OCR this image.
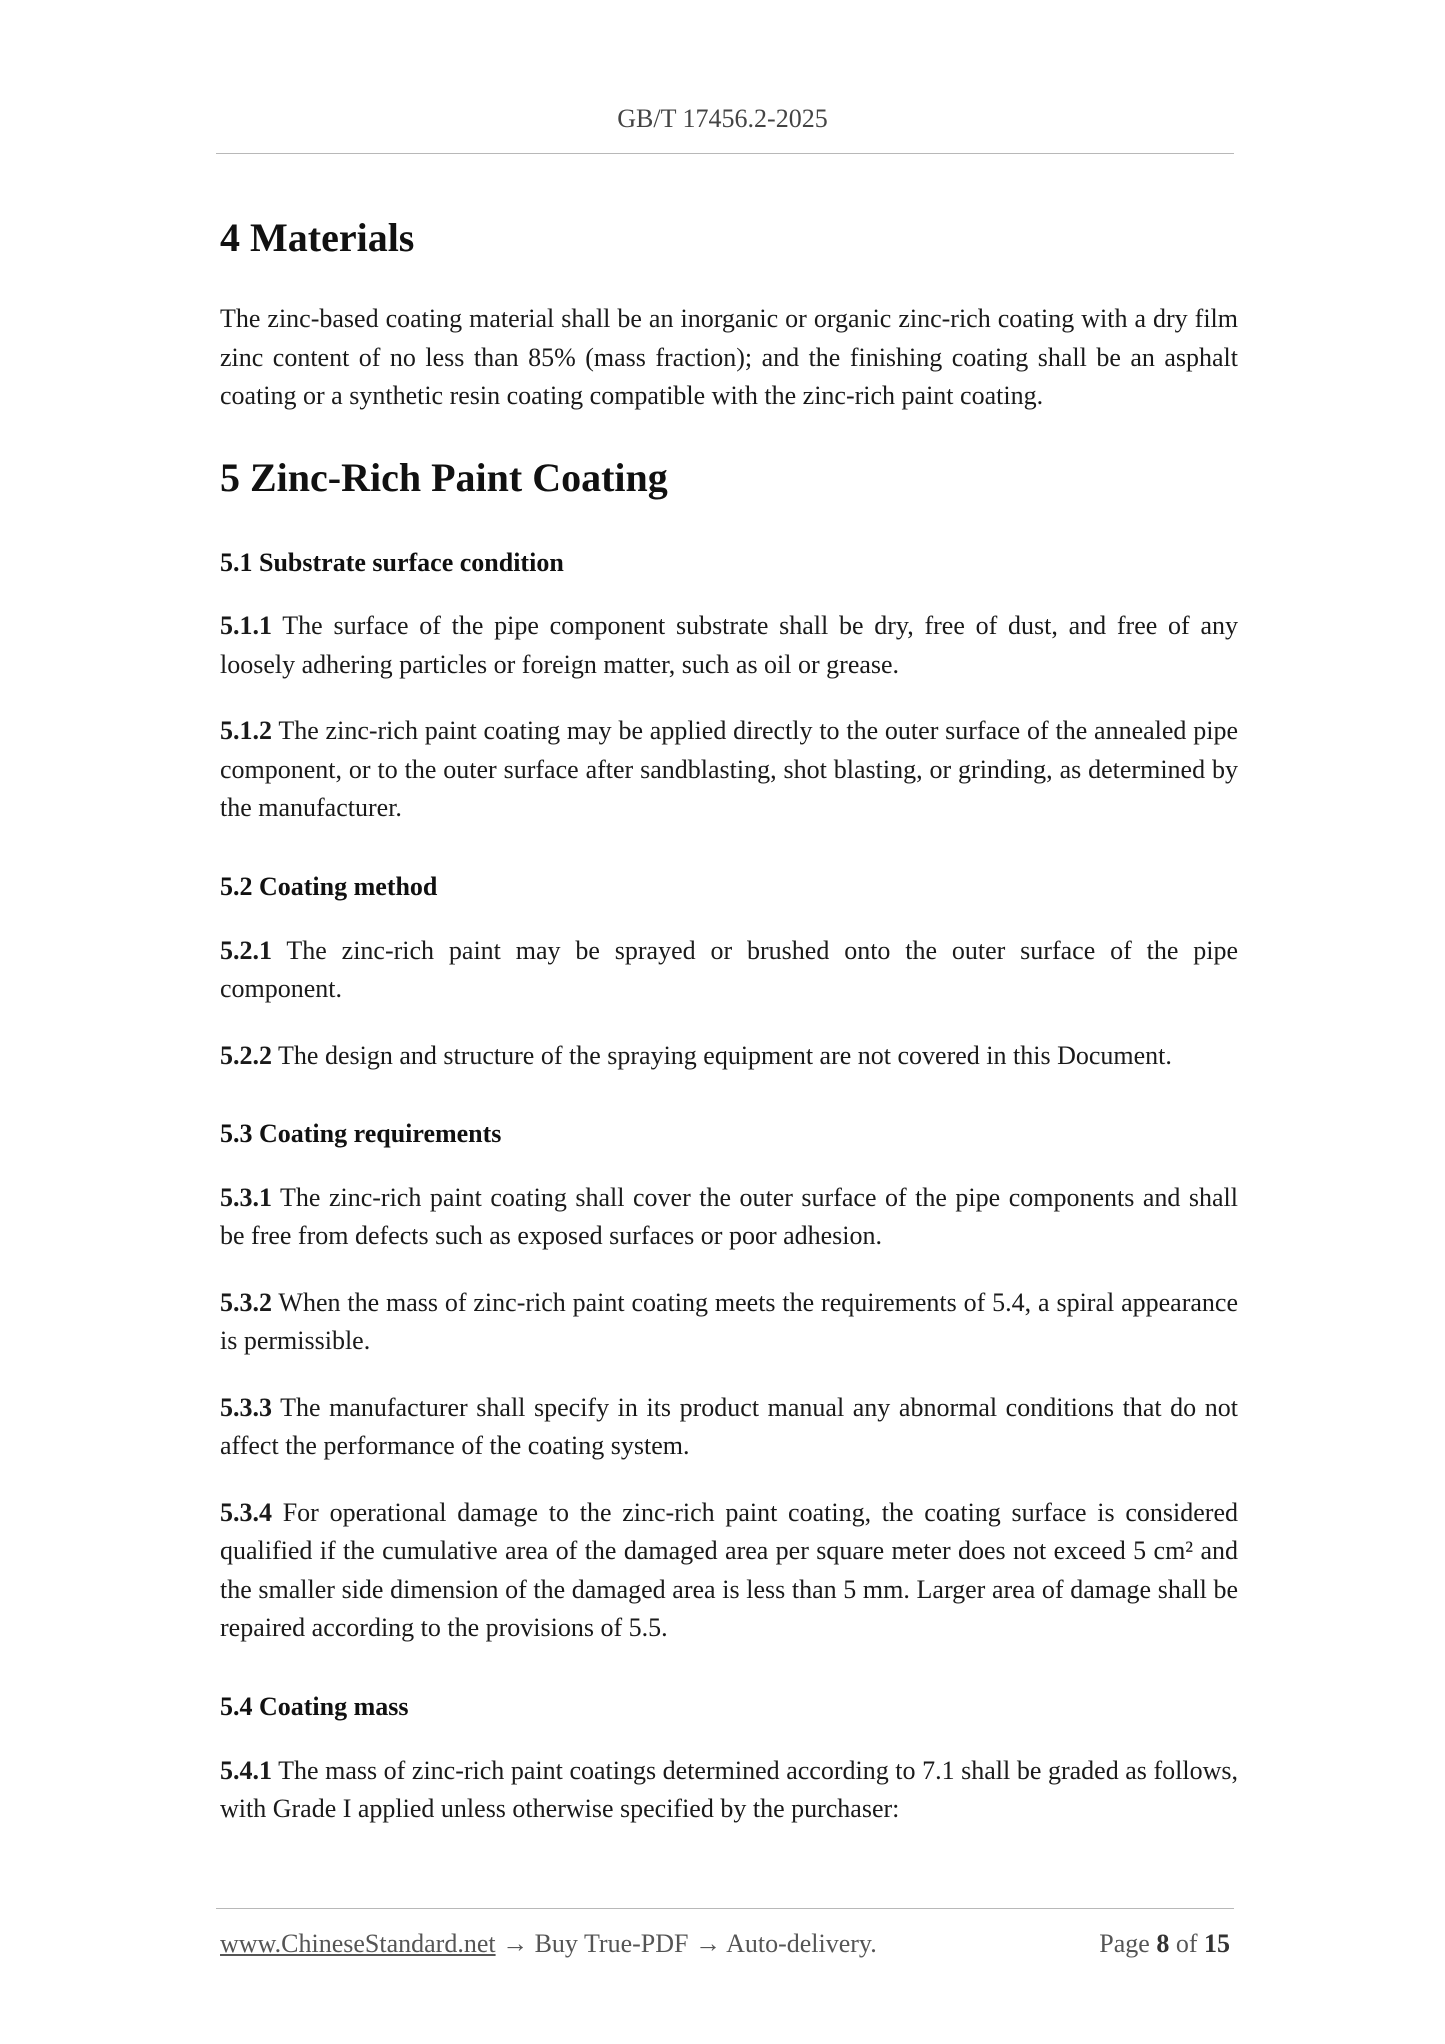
GB/T 17456.2-2025
4 Materials

The zinc-based coating material shall be an inorganic or organic zinc-rich coating with a dry film zinc content of no less than 85% (mass fraction); and the finishing coating shall be an asphalt coating or a synthetic resin coating compatible with the zinc-rich paint coating.

5 Zinc-Rich Paint Coating
5.1 Substrate surface condition

5.1.1 The surface of the pipe component substrate shall be dry, free of dust, and free of any loosely adhering particles or foreign matter, such as oil or grease.

5.1.2 The zinc-rich paint coating may be applied directly to the outer surface of the annealed pipe component, or to the outer surface after sandblasting, shot blasting, or grinding, as determined by the manufacturer.

5.2 Coating method

5.2.1 The zinc-rich paint may be sprayed or brushed onto the outer surface of the pipe component.

5.2.2 The design and structure of the spraying equipment are not covered in this Document.

5.3 Coating requirements

5.3.1 The zinc-rich paint coating shall cover the outer surface of the pipe components and shall be free from defects such as exposed surfaces or poor adhesion.

5.3.2 When the mass of zinc-rich paint coating meets the requirements of 5.4, a spiral appearance is permissible.

5.3.3 The manufacturer shall specify in its product manual any abnormal conditions that do not affect the performance of the coating system.

5.3.4 For operational damage to the zinc-rich paint coating, the coating surface is considered qualified if the cumulative area of the damaged area per square meter does not exceed 5 cm² and the smaller side dimension of the damaged area is less than 5 mm. Larger area of damage shall be repaired according to the provisions of 5.5.

5.4 Coating mass

5.4.1 The mass of zinc-rich paint coatings determined according to 7.1 shall be graded as follows, with Grade I applied unless otherwise specified by the purchaser:

www.ChineseStandard.net → Buy True-PDF → Auto-delivery.	Page 8 of 15
